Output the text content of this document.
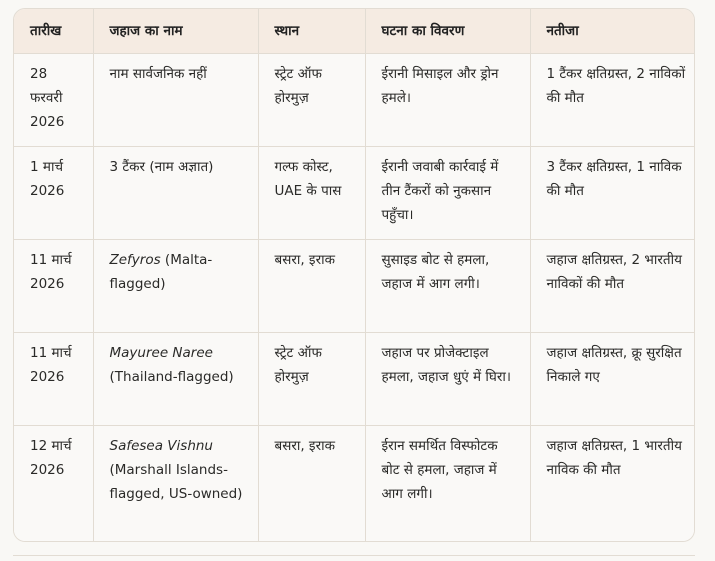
तारीख	जहाज का नाम	स्थान	घटना का विवरण	नतीजा
28 फरवरी 2026	नाम सार्वजनिक नहीं	स्ट्रेट ऑफ होरमुज़	ईरानी मिसाइल और ड्रोन हमले।	1 टैंकर क्षतिग्रस्त, 2 नाविकों की मौत
1 मार्च 2026	3 टैंकर (नाम अज्ञात)	गल्फ कोस्ट, UAE के पास	ईरानी जवाबी कार्रवाई में तीन टैंकरों को नुकसान पहुँचा।	3 टैंकर क्षतिग्रस्त, 1 नाविक की मौत
11 मार्च 2026	Zefyros (Malta-flagged)	बसरा, इराक	सुसाइड बोट से हमला, जहाज में आग लगी।	जहाज क्षतिग्रस्त, 2 भारतीय नाविकों की मौत
11 मार्च 2026	Mayuree Naree (Thailand-flagged)	स्ट्रेट ऑफ होरमुज़	जहाज पर प्रोजेक्टाइल हमला, जहाज धुएं में घिरा।	जहाज क्षतिग्रस्त, क्रू सुरक्षित निकाले गए
12 मार्च 2026	Safesea Vishnu (Marshall Islands-flagged, US-owned)	बसरा, इराक	ईरान समर्थित विस्फोटक बोट से हमला, जहाज में आग लगी।	जहाज क्षतिग्रस्त, 1 भारतीय नाविक की मौत
